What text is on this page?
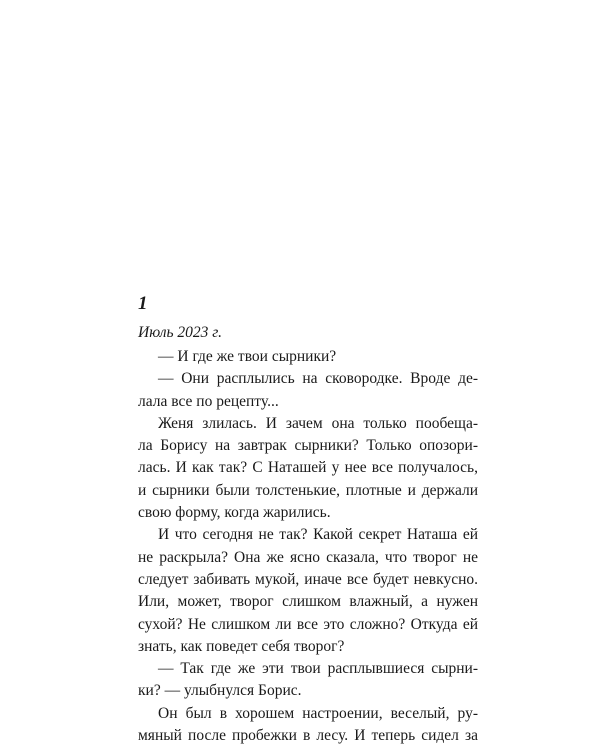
1
Июль 2023 г.
— И где же твои сырники?
— Они расплылись на сковородке. Вроде де-
лала все по рецепту...
Женя злилась. И зачем она только пообеща-
ла Борису на завтрак сырники? Только опозори-
лась. И как так? С Наташей у нее все получалось,
и сырники были толстенькие, плотные и держали
свою форму, когда жарились.
И что сегодня не так? Какой секрет Наташа ей
не раскрыла? Она же ясно сказала, что творог не
следует забивать мукой, иначе все будет невкусно.
Или, может, творог слишком влажный, а нужен
сухой? Не слишком ли все это сложно? Откуда ей
знать, как поведет себя творог?
— Так где же эти твои расплывшиеся сырни-
ки? — улыбнулся Борис.
Он был в хорошем настроении, веселый, ру-
мяный после пробежки в лесу. И теперь сидел за
